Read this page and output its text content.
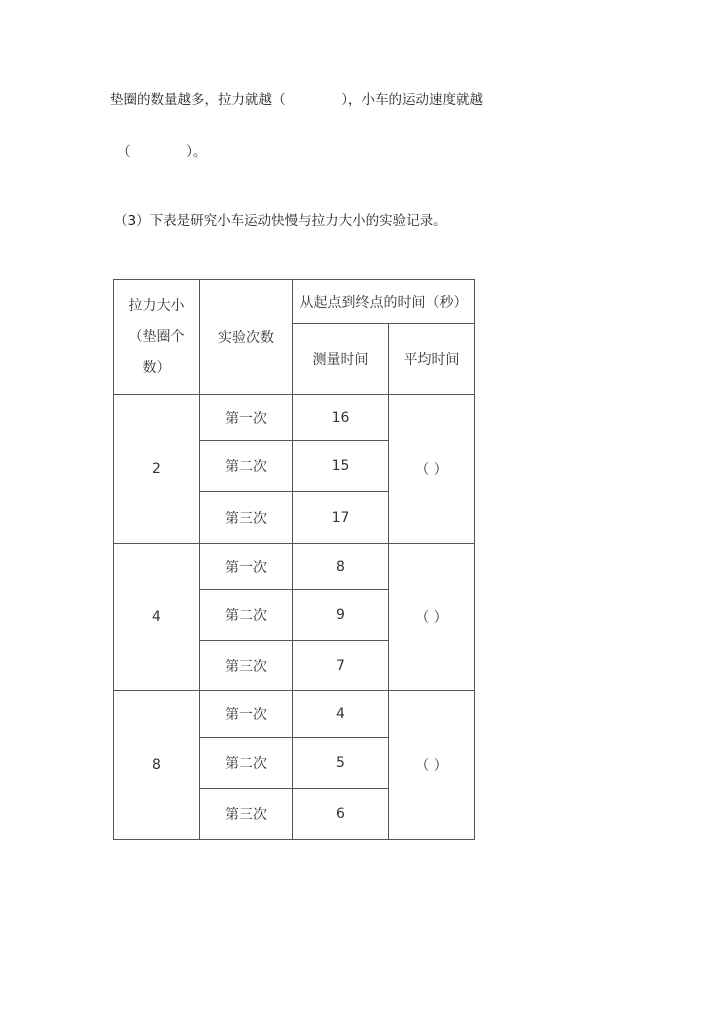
垫圈的数量越多，拉力就越（             ），小车的运动速度就越
（             ）。
（3）下表是研究小车运动快慢与拉力大小的实验记录。
拉力大小
（垫圈个
数）	实验次数	从起点到终点的时间（秒）	
		测量时间	平均时间
2	第一次	16	（ ）
	第二次	15	
	第三次	17	
4	第一次	8	（ ）
	第二次	9	
	第三次	7	
8	第一次	4	（ ）
	第二次	5	
	第三次	6	
